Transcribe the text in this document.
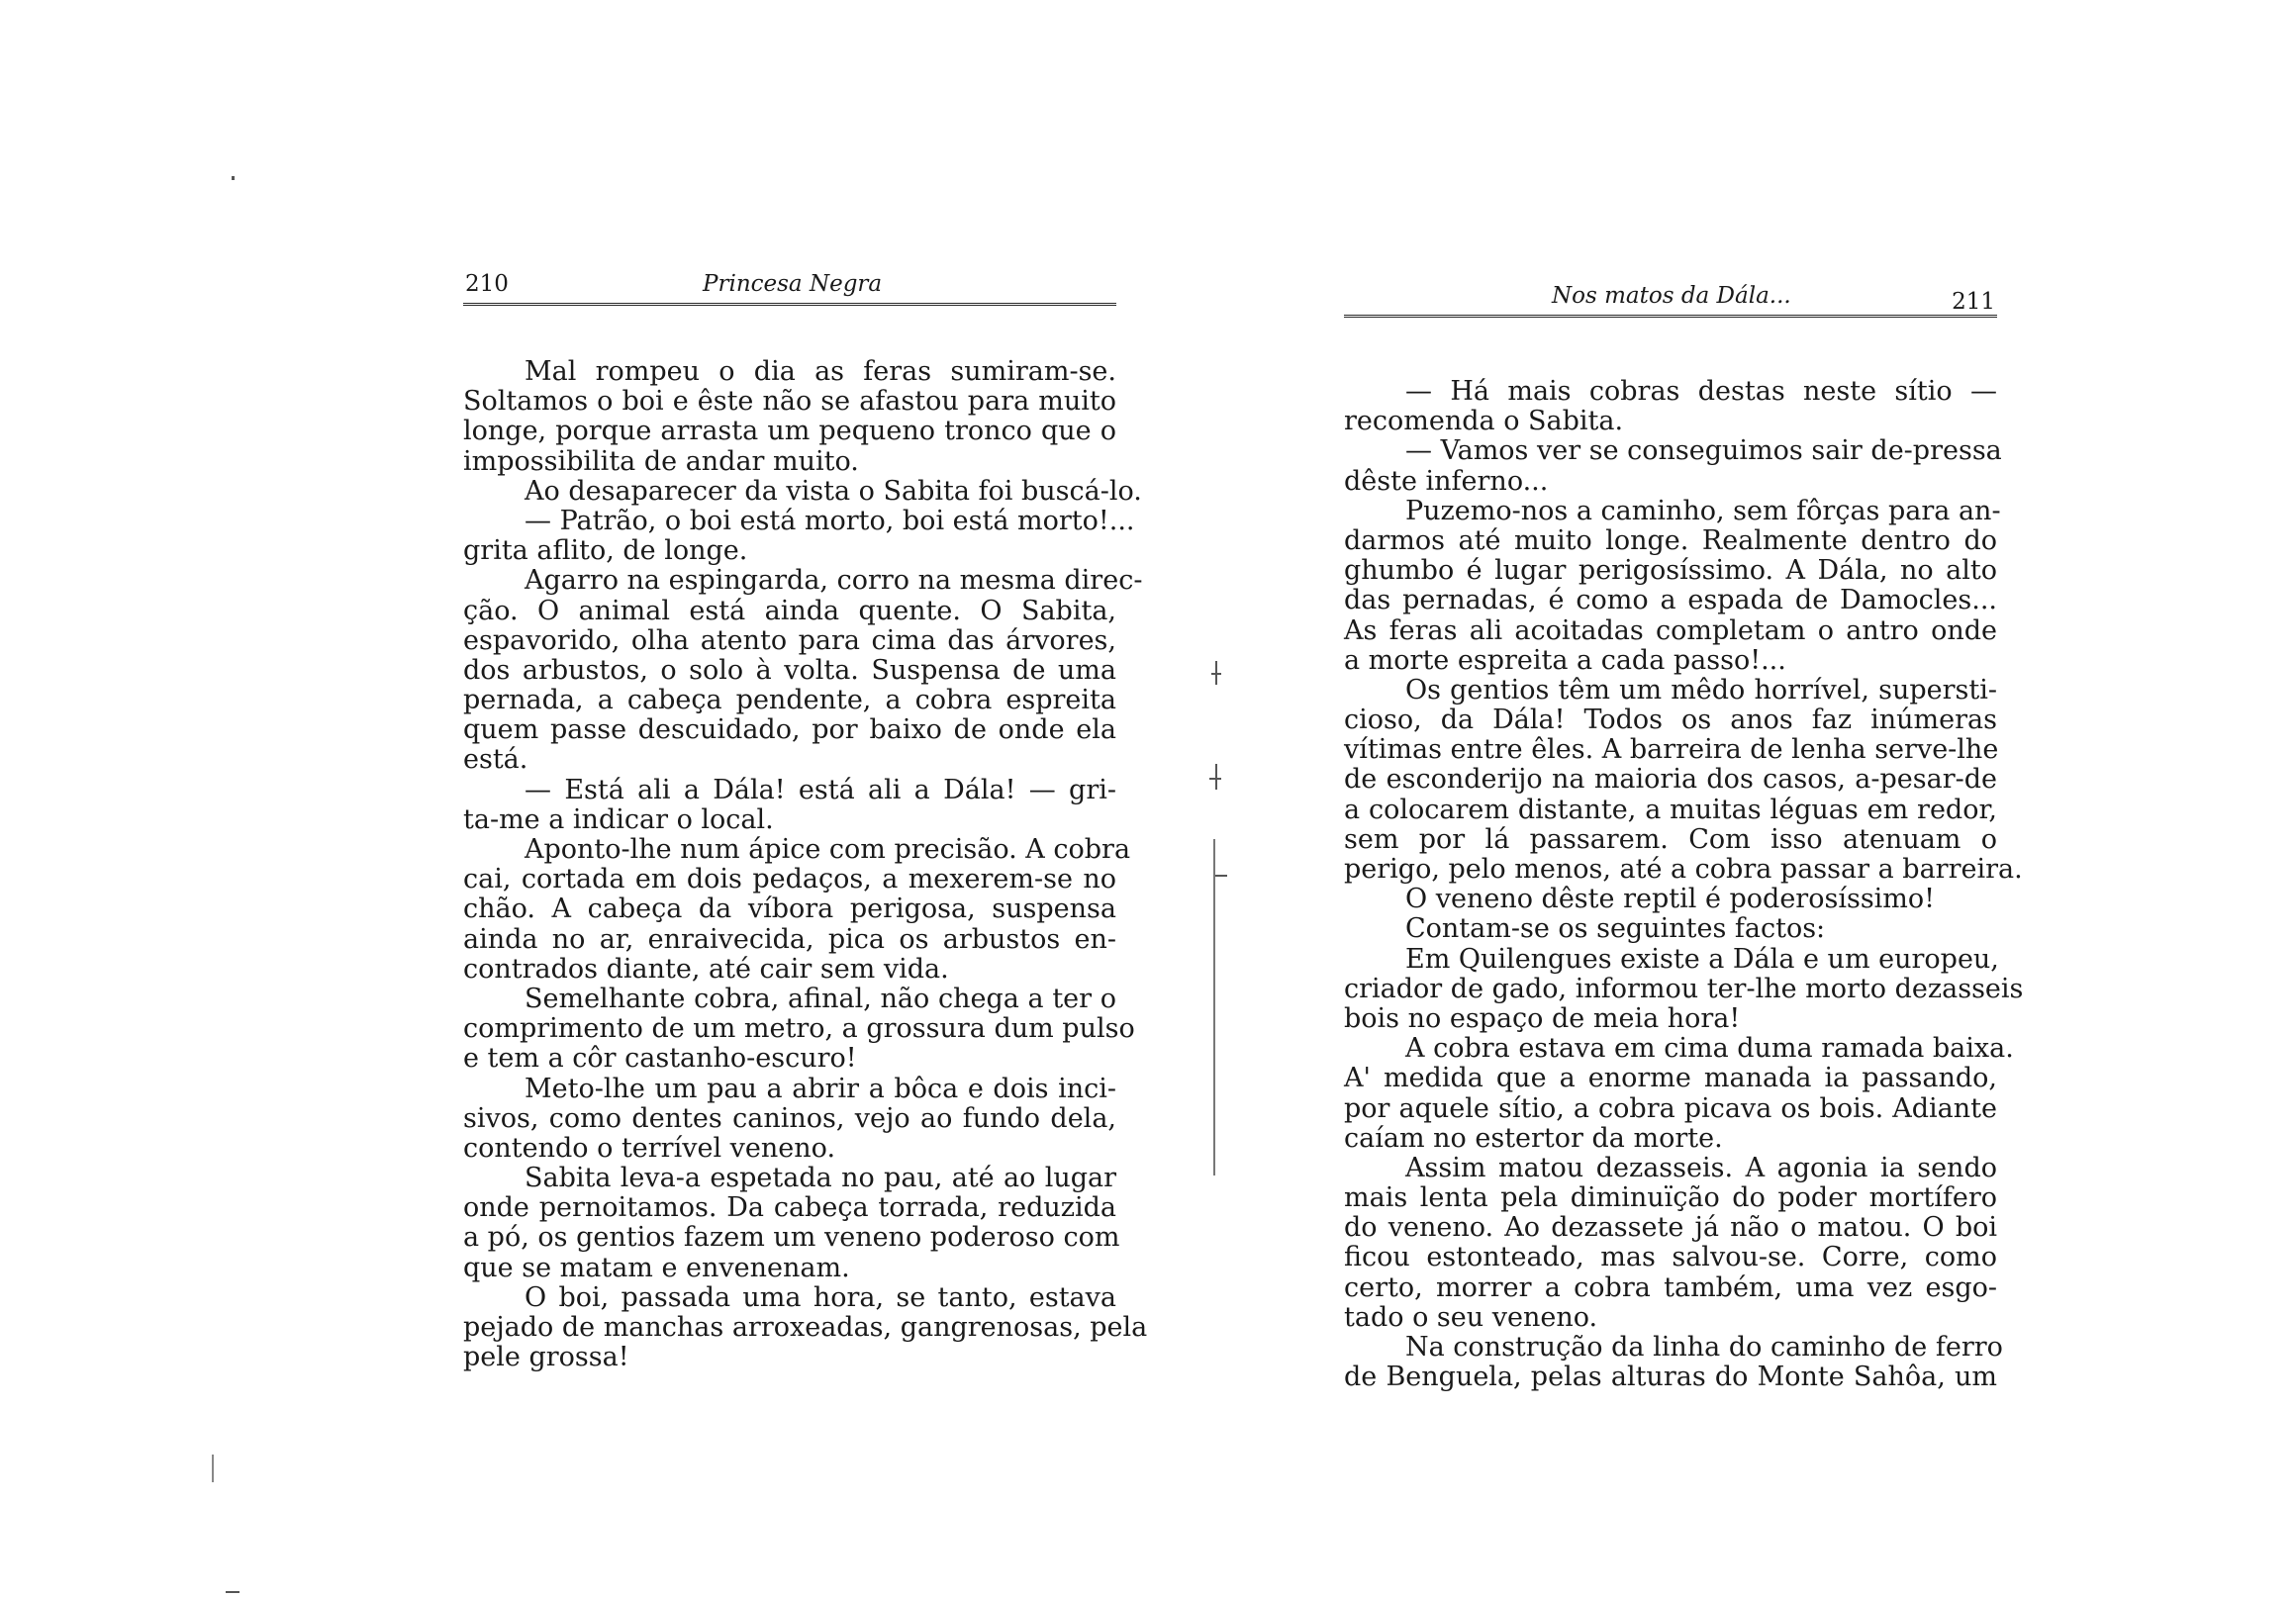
210	Princesa Negra
Mal rompeu o dia as feras sumiram-se.
Soltamos o boi e êste não se afastou para muito
longe, porque arrasta um pequeno tronco que o
impossibilita de andar muito.
Ao desaparecer da vista o Sabita foi buscá-lo.
— Patrão, o boi está morto, boi está morto!...
grita aflito, de longe.
Agarro na espingarda, corro na mesma direc-
ção. O animal está ainda quente. O Sabita,
espavorido, olha atento para cima das árvores,
dos arbustos, o solo à volta. Suspensa de uma
pernada, a cabeça pendente, a cobra espreita
quem passe descuidado, por baixo de onde ela
está.
— Está ali a Dála! está ali a Dála! — gri-
ta-me a indicar o local.
Aponto-lhe num ápice com precisão. A cobra
cai, cortada em dois pedaços, a mexerem-se no
chão. A cabeça da víbora perigosa, suspensa
ainda no ar, enraivecida, pica os arbustos en-
contrados diante, até cair sem vida.
Semelhante cobra, afinal, não chega a ter o
comprimento de um metro, a grossura dum pulso
e tem a côr castanho-escuro!
Meto-lhe um pau a abrir a bôca e dois inci-
sivos, como dentes caninos, vejo ao fundo dela,
contendo o terrível veneno.
Sabita leva-a espetada no pau, até ao lugar
onde pernoitamos. Da cabeça torrada, reduzida
a pó, os gentios fazem um veneno poderoso com
que se matam e envenenam.
O boi, passada uma hora, se tanto, estava
pejado de manchas arroxeadas, gangrenosas, pela
pele grossa!
Nos matos da Dála...	211
— Há mais cobras destas neste sítio —
recomenda o Sabita.
— Vamos ver se conseguimos sair de-pressa
dêste inferno...
Puzemo-nos a caminho, sem fôrças para an-
darmos até muito longe. Realmente dentro do
ghumbo é lugar perigosíssimo. A Dála, no alto
das pernadas, é como a espada de Damocles...
As feras ali acoitadas completam o antro onde
a morte espreita a cada passo!...
Os gentios têm um mêdo horrível, supersti-
cioso, da Dála! Todos os anos faz inúmeras
vítimas entre êles. A barreira de lenha serve-lhe
de esconderijo na maioria dos casos, a-pesar-de
a colocarem distante, a muitas léguas em redor,
sem por lá passarem. Com isso atenuam o
perigo, pelo menos, até a cobra passar a barreira.
O veneno dêste reptil é poderosíssimo!
Contam-se os seguintes factos:
Em Quilengues existe a Dála e um europeu,
criador de gado, informou ter-lhe morto dezasseis
bois no espaço de meia hora!
A cobra estava em cima duma ramada baixa.
A' medida que a enorme manada ia passando,
por aquele sítio, a cobra picava os bois. Adiante
caíam no estertor da morte.
Assim matou dezasseis. A agonia ia sendo
mais lenta pela diminuïção do poder mortífero
do veneno. Ao dezassete já não o matou. O boi
ficou estonteado, mas salvou-se. Corre, como
certo, morrer a cobra também, uma vez esgo-
tado o seu veneno.
Na construção da linha do caminho de ferro
de Benguela, pelas alturas do Monte Sahôa, um
